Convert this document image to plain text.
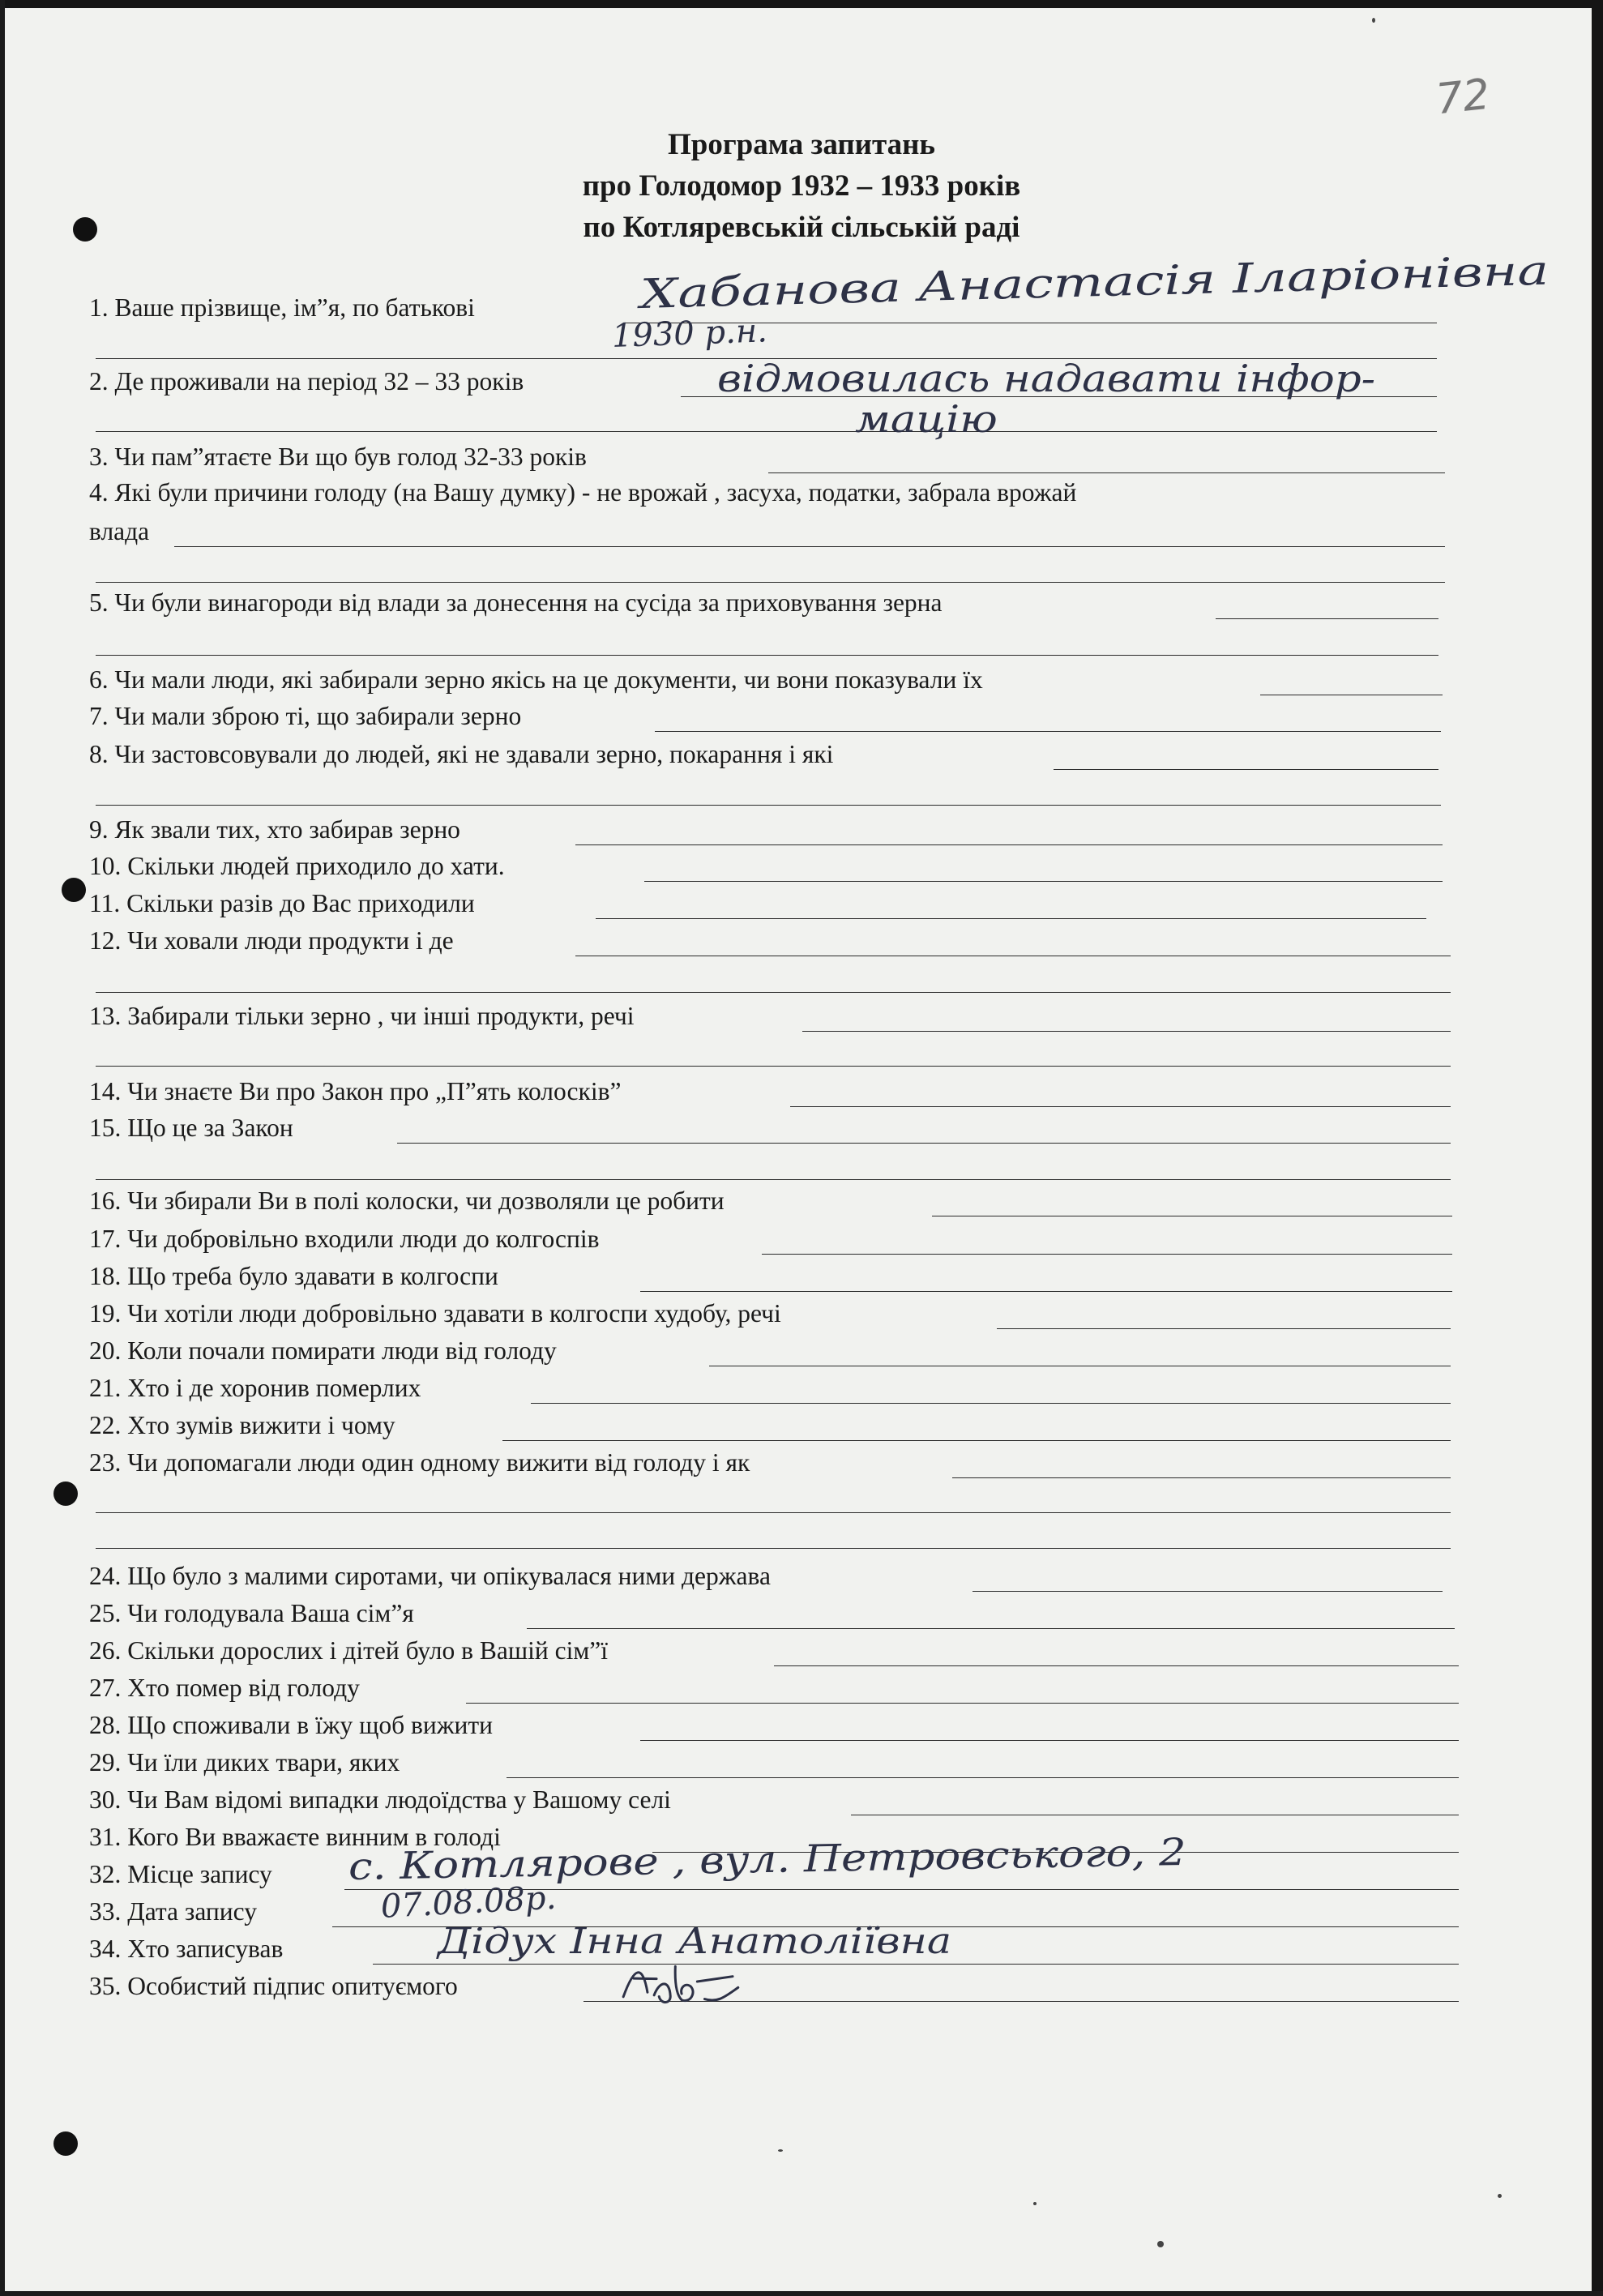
72
Програма запитань
про Голодомор 1932 – 1933 років
по Котляревській сільській раді
1. Ваше прізвище, ім”я, по батькові	Хабанова Анастасія Іларіонівна
1930 р.н.
2. Де проживали на період 32 – 33 років	відмовилась надавати інфор-
мацію
3. Чи пам”ятаєте Ви що був голод 32-33 років
4. Які були причини голоду (на Вашу думку) - не врожай , засуха, податки, забрала врожай
влада
5. Чи були винагороди від влади за донесення на сусіда за приховування зерна
6. Чи мали люди, які забирали зерно якісь на це документи, чи вони показували їх
7. Чи мали зброю ті, що забирали зерно
8. Чи застовсовували до людей, які не здавали зерно, покарання і які
9. Як звали тих, хто забирав зерно
10. Скільки людей приходило до хати.
11. Скільки разів до Вас приходили
12. Чи ховали люди продукти і де
13. Забирали тільки зерно , чи інші продукти, речі
14. Чи знаєте Ви про Закон про „П”ять колосків”
15. Що це за Закон
16. Чи збирали Ви в полі колоски, чи дозволяли це робити
17. Чи добровільно входили люди до колгоспів
18. Що треба було здавати в колгоспи
19. Чи хотіли люди добровільно здавати в колгоспи худобу, речі
20. Коли почали помирати люди від голоду
21. Хто і де хоронив померлих
22. Хто зумів вижити і чому
23. Чи допомагали люди один одному вижити від голоду і як
24. Що було з малими сиротами, чи опікувалася ними держава
25. Чи голодувала Ваша сім”я
26. Скільки дорослих і дітей було в Вашій сім”ї
27. Хто помер від голоду
28. Що споживали в їжу щоб вижити
29. Чи їли диких твари, яких
30. Чи Вам відомі випадки людоїдства у Вашому селі
31. Кого Ви вважаєте винним в голоді
32. Місце запису с. Котлярове , вул. Петровського, 2
33. Дата запису	07.08.08р.
34. Хто записував	Дідух Інна Анатоліївна
35. Особистий підпис опитуємого
